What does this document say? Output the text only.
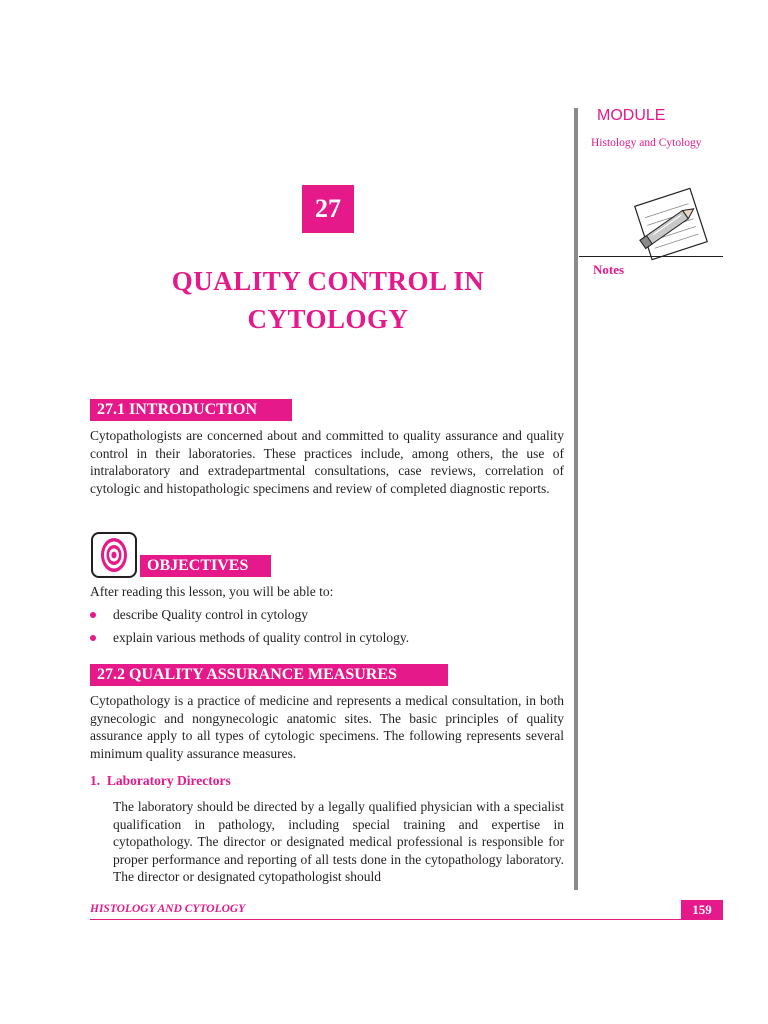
MODULE
Histology and Cytology
Notes
27
QUALITY CONTROL IN
CYTOLOGY
27.1 INTRODUCTION
Cytopathologists are concerned about and committed to quality assurance and quality control in their laboratories. These practices include, among others, the use of intralaboratory and extradepartmental consultations, case reviews, correlation of cytologic and histopathologic specimens and review of completed diagnostic reports.
OBJECTIVES
After reading this lesson, you will be able to:
describe Quality control in cytology
explain various methods of quality control in cytology.
27.2 QUALITY ASSURANCE MEASURES
Cytopathology is a practice of medicine and represents a medical consultation, in both gynecologic and nongynecologic anatomic sites. The basic principles of quality assurance apply to all types of cytologic specimens. The following represents several minimum quality assurance measures.
1.  Laboratory Directors
The laboratory should be directed by a legally qualified physician with a specialist qualification in pathology, including special training and expertise in cytopathology. The director or designated medical professional is responsible for proper performance and reporting of all tests done in the cytopathology laboratory. The director or designated cytopathologist should
HISTOLOGY AND CYTOLOGY	159
